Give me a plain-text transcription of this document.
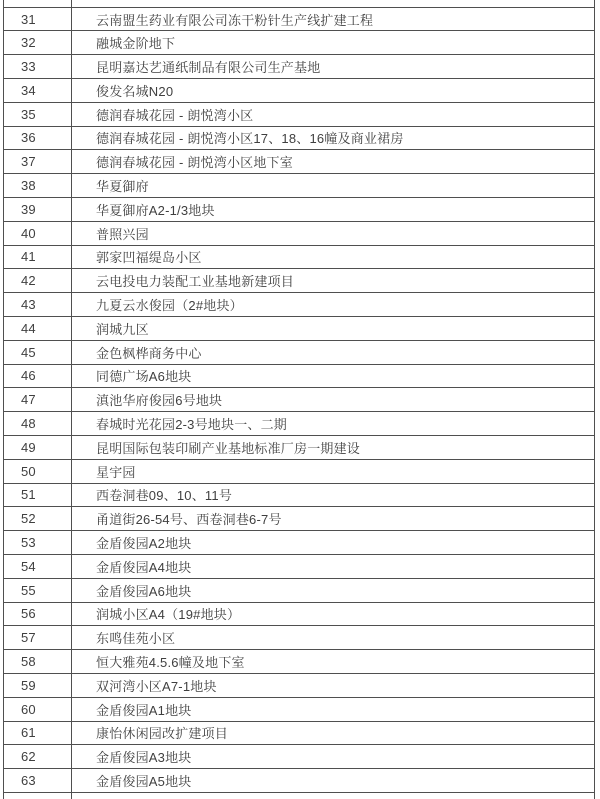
31	云南盟生药业有限公司冻干粉针生产线扩建工程
32	融城金阶地下
33	昆明嘉达艺通纸制品有限公司生产基地
34	俊发名城N20
35	德润春城花园 - 朗悦湾小区
36	德润春城花园 - 朗悦湾小区17、18、16幢及商业裙房
37	德润春城花园 - 朗悦湾小区地下室
38	华夏御府
39	华夏御府A2-1/3地块
40	普照兴园
41	郭家凹福缇岛小区
42	云电投电力装配工业基地新建项目
43	九夏云水俊园（2#地块）
44	润城九区
45	金色枫桦商务中心
46	同德广场A6地块
47	滇池华府俊园6号地块
48	春城时光花园2-3号地块一、二期
49	昆明国际包装印刷产业基地标准厂房一期建设
50	星宇园
51	西卷洞巷09、10、11号
52	甬道街26-54号、西卷洞巷6-7号
53	金盾俊园A2地块
54	金盾俊园A4地块
55	金盾俊园A6地块
56	润城小区A4（19#地块）
57	东鸣佳苑小区
58	恒大雅苑4.5.6幢及地下室
59	双河湾小区A7-1地块
60	金盾俊园A1地块
61	康怡休闲园改扩建项目
62	金盾俊园A3地块
63	金盾俊园A5地块
